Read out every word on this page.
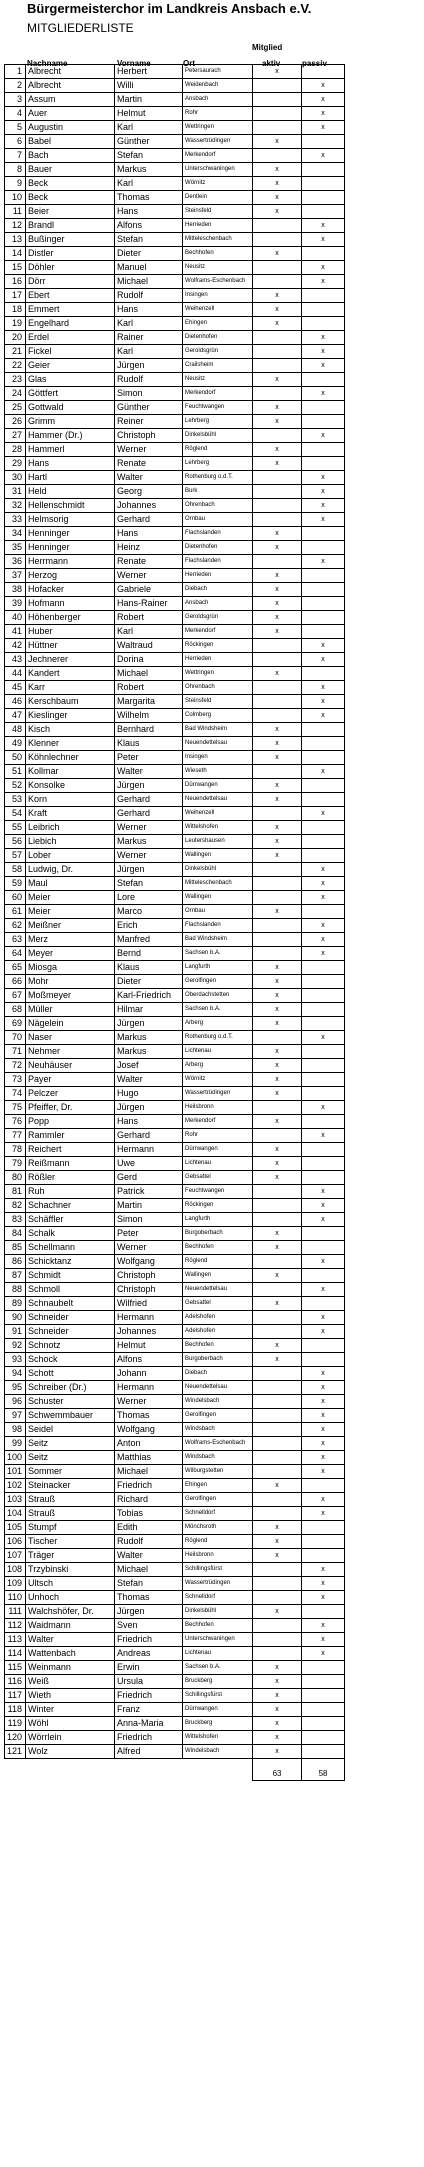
Bürgermeisterchor im Landkreis Ansbach e.V.
MITGLIEDERLISTE
Mitglied
Nachname	Vorname	Ort	aktiv	passiv
1	Albrecht	Herbert	Petersaurach	x	
2	Albrecht	Willi	Weidenbach		x
3	Assum	Martin	Ansbach		x
4	Auer	Helmut	Rohr		x
5	Augustin	Karl	Wettringen		x
6	Babel	Günther	Wassertrüdingen	x	
7	Bach	Stefan	Merkendorf		x
8	Bauer	Markus	Unterschwaningen	x	
9	Beck	Karl	Wörnitz	x	
10	Beck	Thomas	Dentlein	x	
11	Beier	Hans	Steinsfeld	x	
12	Brandl	Alfons	Herrieden		x
13	Bußinger	Stefan	Mitteleschenbach		x
14	Distler	Dieter	Bechhofen	x	
15	Döhler	Manuel	Neusitz		x
16	Dörr	Michael	Wolframs-Eschenbach		x
17	Ebert	Rudolf	Insingen	x	
18	Emmert	Hans	Weihenzell	x	
19	Engelhard	Karl	Ehingen	x	
20	Erdel	Rainer	Dietenhofen		x
21	Fickel	Karl	Geroldsgrün		x
22	Geier	Jürgen	Crailsheim		x
23	Glas	Rudolf	Neusitz	x	
24	Göttfert	Simon	Merkendorf		x
25	Gottwald	Günther	Feuchtwangen	x	
26	Grimm	Reiner	Lehrberg	x	
27	Hammer (Dr.)	Christoph	Dinkelsbühl		x
28	Hammerl	Werner	Röglend	x	
29	Hans	Renate	Lehrberg	x	
30	Hartl	Walter	Rothenburg o.d.T.		x
31	Held	Georg	Burk		x
32	Hellenschmidt	Johannes	Ohrenbach		x
33	Helmsorig	Gerhard	Ornbau		x
34	Henninger	Hans	Flachslanden	x	
35	Henninger	Heinz	Dietenhofen	x	
36	Herrmann	Renate	Flachslanden		x
37	Herzog	Werner	Herrieden	x	
38	Hofacker	Gabriele	Diebach	x	
39	Hofmann	Hans-Rainer	Ansbach	x	
40	Höhenberger	Robert	Geroldsgrün	x	
41	Huber	Karl	Merkendorf	x	
42	Hüttner	Waltraud	Röckingen		x
43	Jechnerer	Dorina	Herrieden		x
44	Kandert	Michael	Wettringen	x	
45	Karr	Robert	Ohrenbach		x
46	Kerschbaum	Margarita	Steinsfeld		x
47	Kieslinger	Wilhelm	Colmberg		x
48	Kisch	Bernhard	Bad Windsheim	x	
49	Klenner	Klaus	Neuendettelsau	x	
50	Köhnlechner	Peter	Insingen	x	
51	Kollmar	Walter	Wieseth		x
52	Konsolke	Jürgen	Dürrwangen	x	
53	Korn	Gerhard	Neuendettelsau	x	
54	Kraft	Gerhard	Weihenzell		x
55	Leibrich	Werner	Wittelshofen	x	
56	Liebich	Markus	Leutershausen	x	
57	Lober	Werner	Wallingen	x	
58	Ludwig, Dr.	Jürgen	Dinkelsbühl		x
59	Maul	Stefan	Mitteleschenbach		x
60	Meier	Lore	Wallingen		x
61	Meier	Marco	Ornbau	x	
62	Meißner	Erich	Flachslanden		x
63	Merz	Manfred	Bad Windsheim		x
64	Meyer	Bernd	Sachsen b.A.		x
65	Miosga	Klaus	Langfurth	x	
66	Mohr	Dieter	Gerolfingen	x	
67	Moßmeyer	Karl-Friedrich	Oberdachstetten	x	
68	Müller	Hilmar	Sachsen b.A.	x	
69	Nägelein	Jürgen	Arberg	x	
70	Naser	Markus	Rothenburg o.d.T.		x
71	Nehmer	Markus	Lichtenau	x	
72	Neuhäuser	Josef	Arberg	x	
73	Payer	Walter	Wörnitz	x	
74	Pelczer	Hugo	Wassertrüdingen	x	
75	Pfeiffer, Dr.	Jürgen	Heilsbronn		x
76	Popp	Hans	Merkendorf	x	
77	Rammler	Gerhard	Rohr		x
78	Reichert	Hermann	Dürrwangen	x	
79	Reißmann	Uwe	Lichtenau	x	
80	Rößler	Gerd	Gebsattel	x	
81	Ruh	Patrick	Feuchtwangen		x
82	Schachner	Martin	Röckingen		x
83	Schäffler	Simon	Langfurth		x
84	Schalk	Peter	Burgoberbach	x	
85	Schellmann	Werner	Bechhofen	x	
86	Schicktanz	Wolfgang	Röglend		x
87	Schmidt	Christoph	Wallingen	x	
88	Schmoll	Christoph	Neuendettelsau		x
89	Schnaubelt	Wilfried	Gebsattel	x	
90	Schneider	Hermann	Adelshofen		x
91	Schneider	Johannes	Adelshofen		x
92	Schnotz	Helmut	Bechhofen	x	
93	Schock	Alfons	Burgoberbach	x	
94	Schott	Johann	Diebach		x
95	Schreiber (Dr.)	Hermann	Neuendettelsau		x
96	Schuster	Werner	Windelsbach		x
97	Schwemmbauer	Thomas	Gerolfingen		x
98	Seidel	Wolfgang	Windsbach		x
99	Seitz	Anton	Wolframs-Eschenbach		x
100	Seitz	Matthias	Windsbach		x
101	Sommer	Michael	Wilburgstetten		x
102	Steinacker	Friedrich	Ehingen	x	
103	Strauß	Richard	Gerolfingen		x
104	Strauß	Tobias	Schnelldorf		x
105	Stumpf	Edith	Mönchsroth	x	
106	Tischer	Rudolf	Röglend	x	
107	Träger	Walter	Heilsbronn	x	
108	Trzybinski	Michael	Schillingsfürst		x
109	Ultsch	Stefan	Wassertrüdingen		x
110	Unhoch	Thomas	Schnelldorf		x
111	Walchshöfer, Dr.	Jürgen	Dinkelsbühl	x	
112	Waidmann	Sven	Bechhofen		x
113	Walter	Friedrich	Unterschwaningen		x
114	Wattenbach	Andreas	Lichtenau		x
115	Weinmann	Erwin	Sachsen b.A.	x	
116	Weiß	Ursula	Bruckberg	x	
117	Wieth	Friedrich	Schillingsfürst	x	
118	Winter	Franz	Dürrwangen	x	
119	Wöhl	Anna-Maria	Bruckberg	x	
120	Wörrlein	Friedrich	Wittelshofen	x	
121	Wolz	Alfred	Windelsbach	x	
				63	58
